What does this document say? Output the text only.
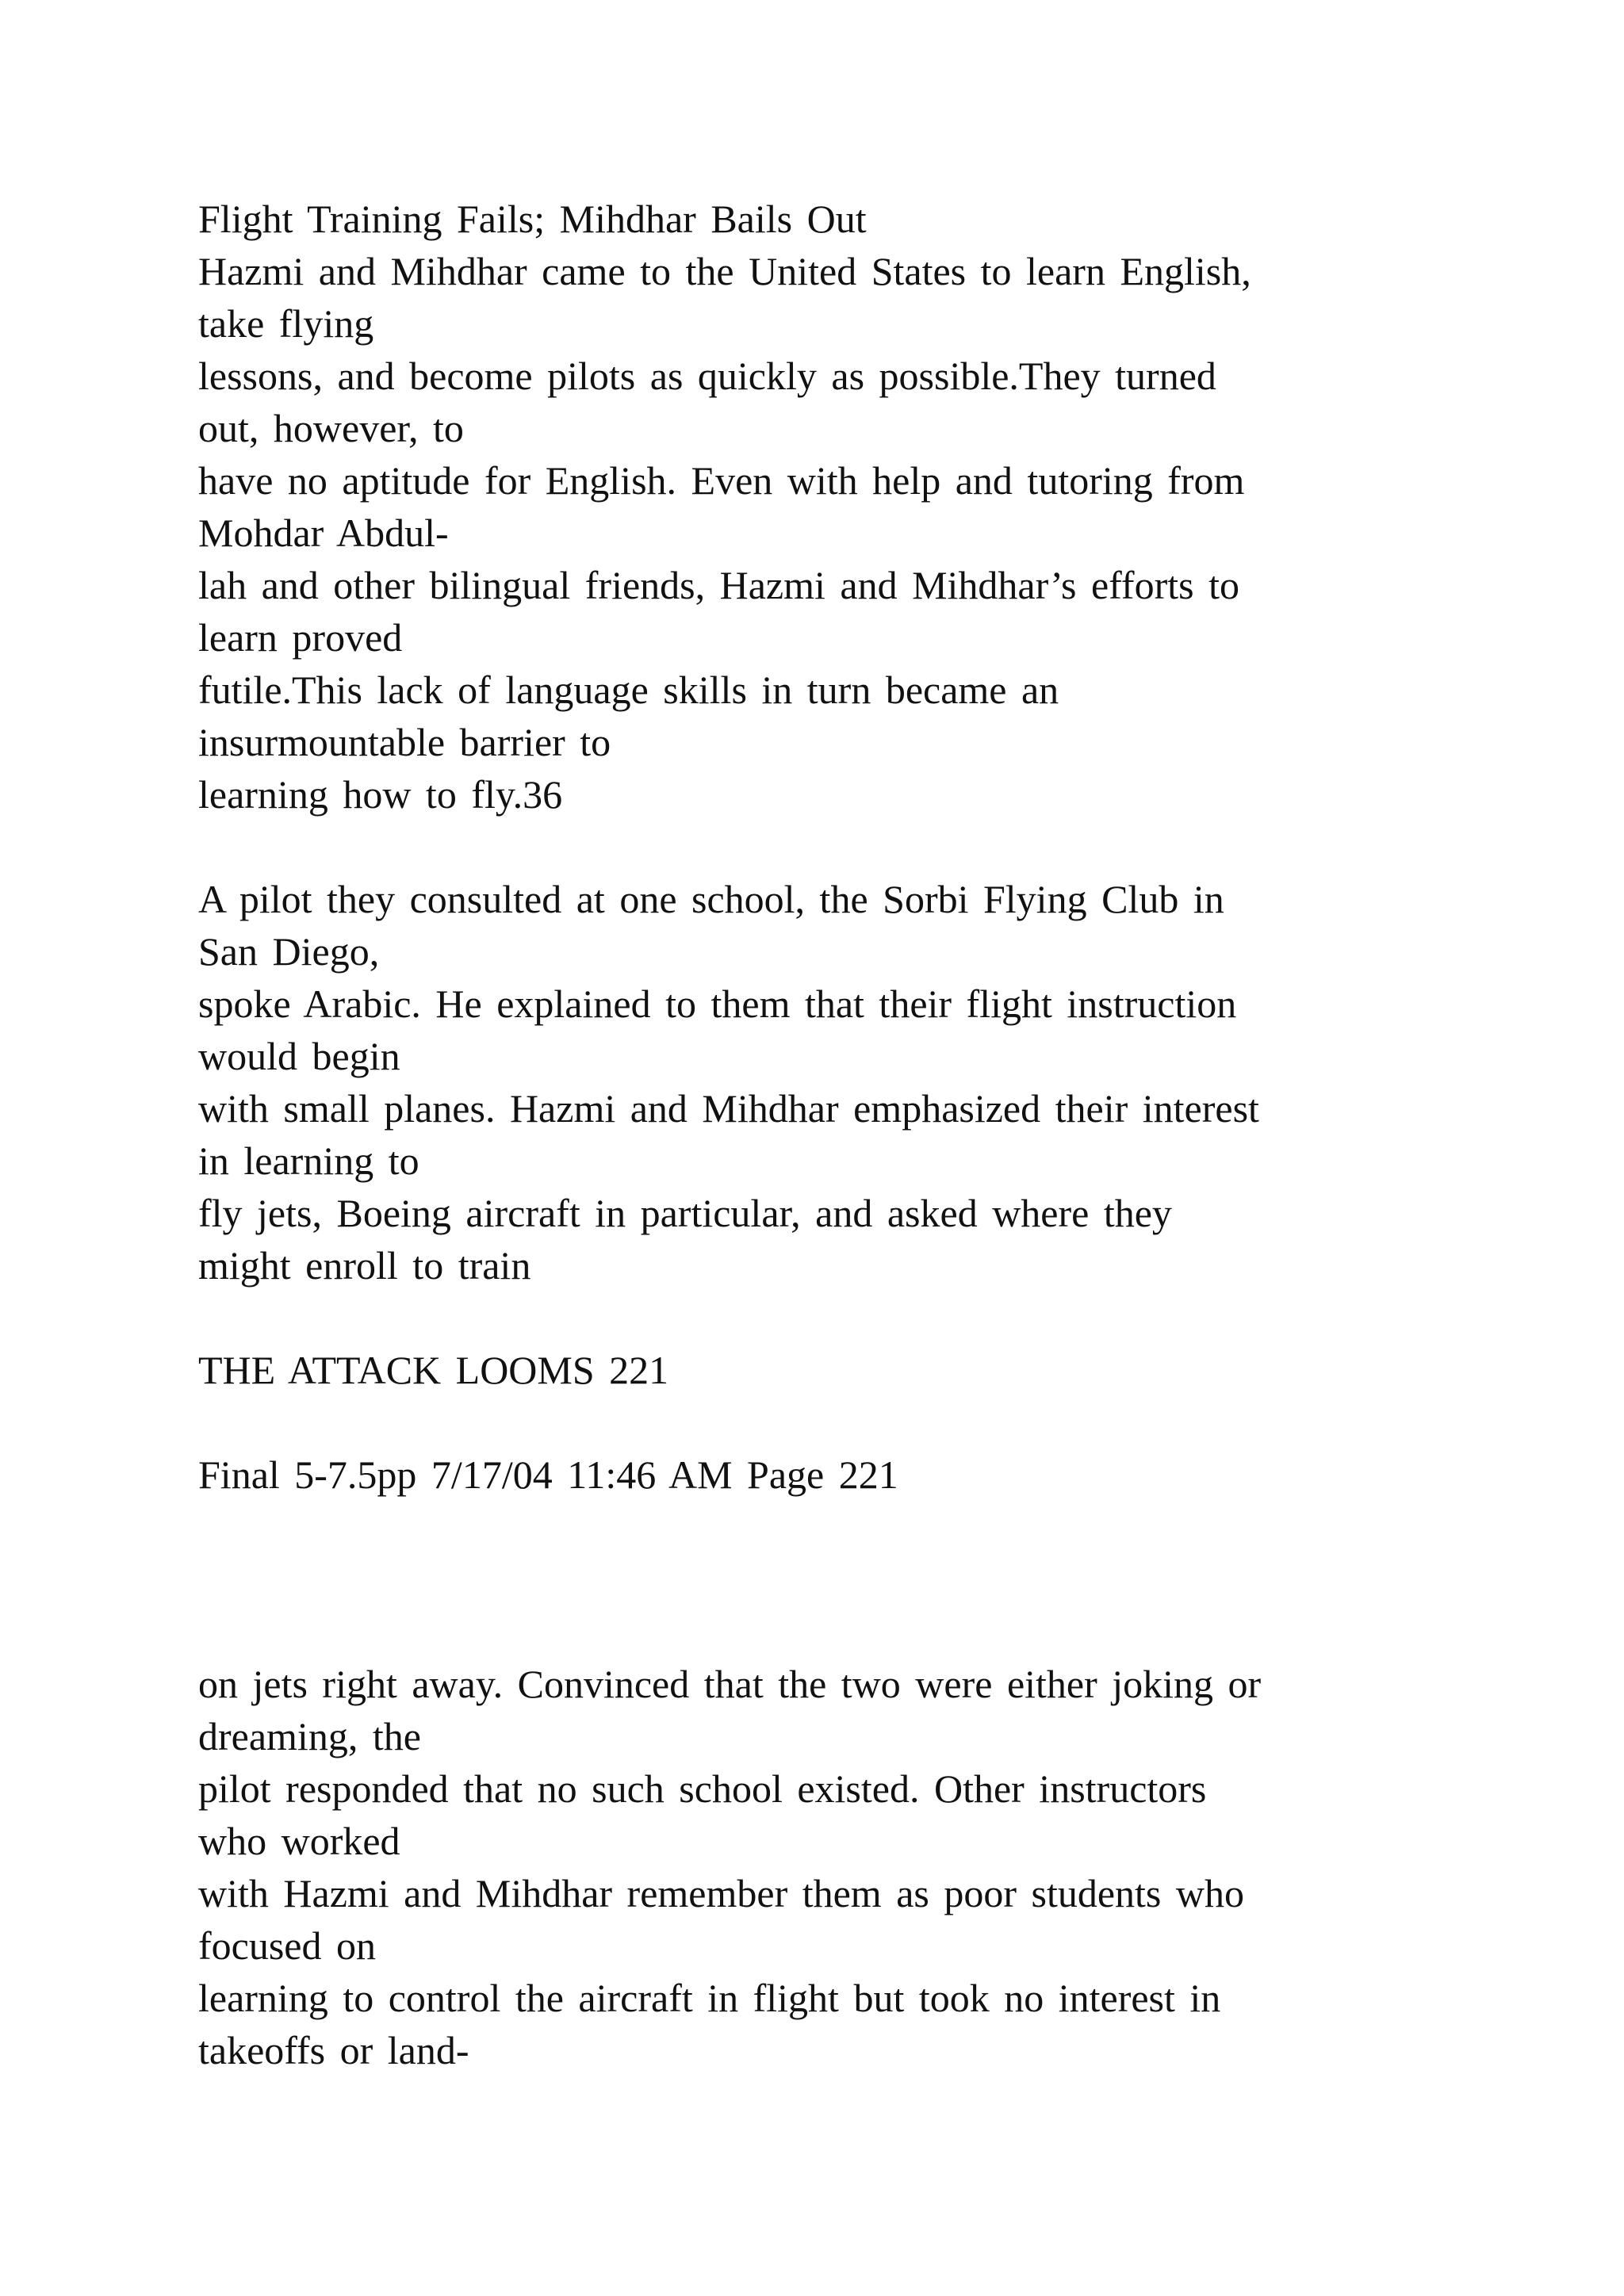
Flight Training Fails; Mihdhar Bails Out

Hazmi and Mihdhar came to the United States to learn English,

take flying

lessons, and become pilots as quickly as possible.They turned

out, however, to

have no aptitude for English. Even with help and tutoring from

Mohdar Abdul-

lah and other bilingual friends, Hazmi and Mihdhar’s efforts to

learn proved

futile.This lack of language skills in turn became an

insurmountable barrier to

learning how to fly.36

A pilot they consulted at one school, the Sorbi Flying Club in

San Diego,

spoke Arabic. He explained to them that their flight instruction

would begin

with small planes. Hazmi and Mihdhar emphasized their interest

in learning to

fly jets, Boeing aircraft in particular, and asked where they

might enroll to train

THE ATTACK LOOMS 221

Final 5-7.5pp 7/17/04 11:46 AM Page 221

on jets right away. Convinced that the two were either joking or

dreaming, the

pilot responded that no such school existed. Other instructors

who worked

with Hazmi and Mihdhar remember them as poor students who

focused on

learning to control the aircraft in flight but took no interest in

takeoffs or land-
